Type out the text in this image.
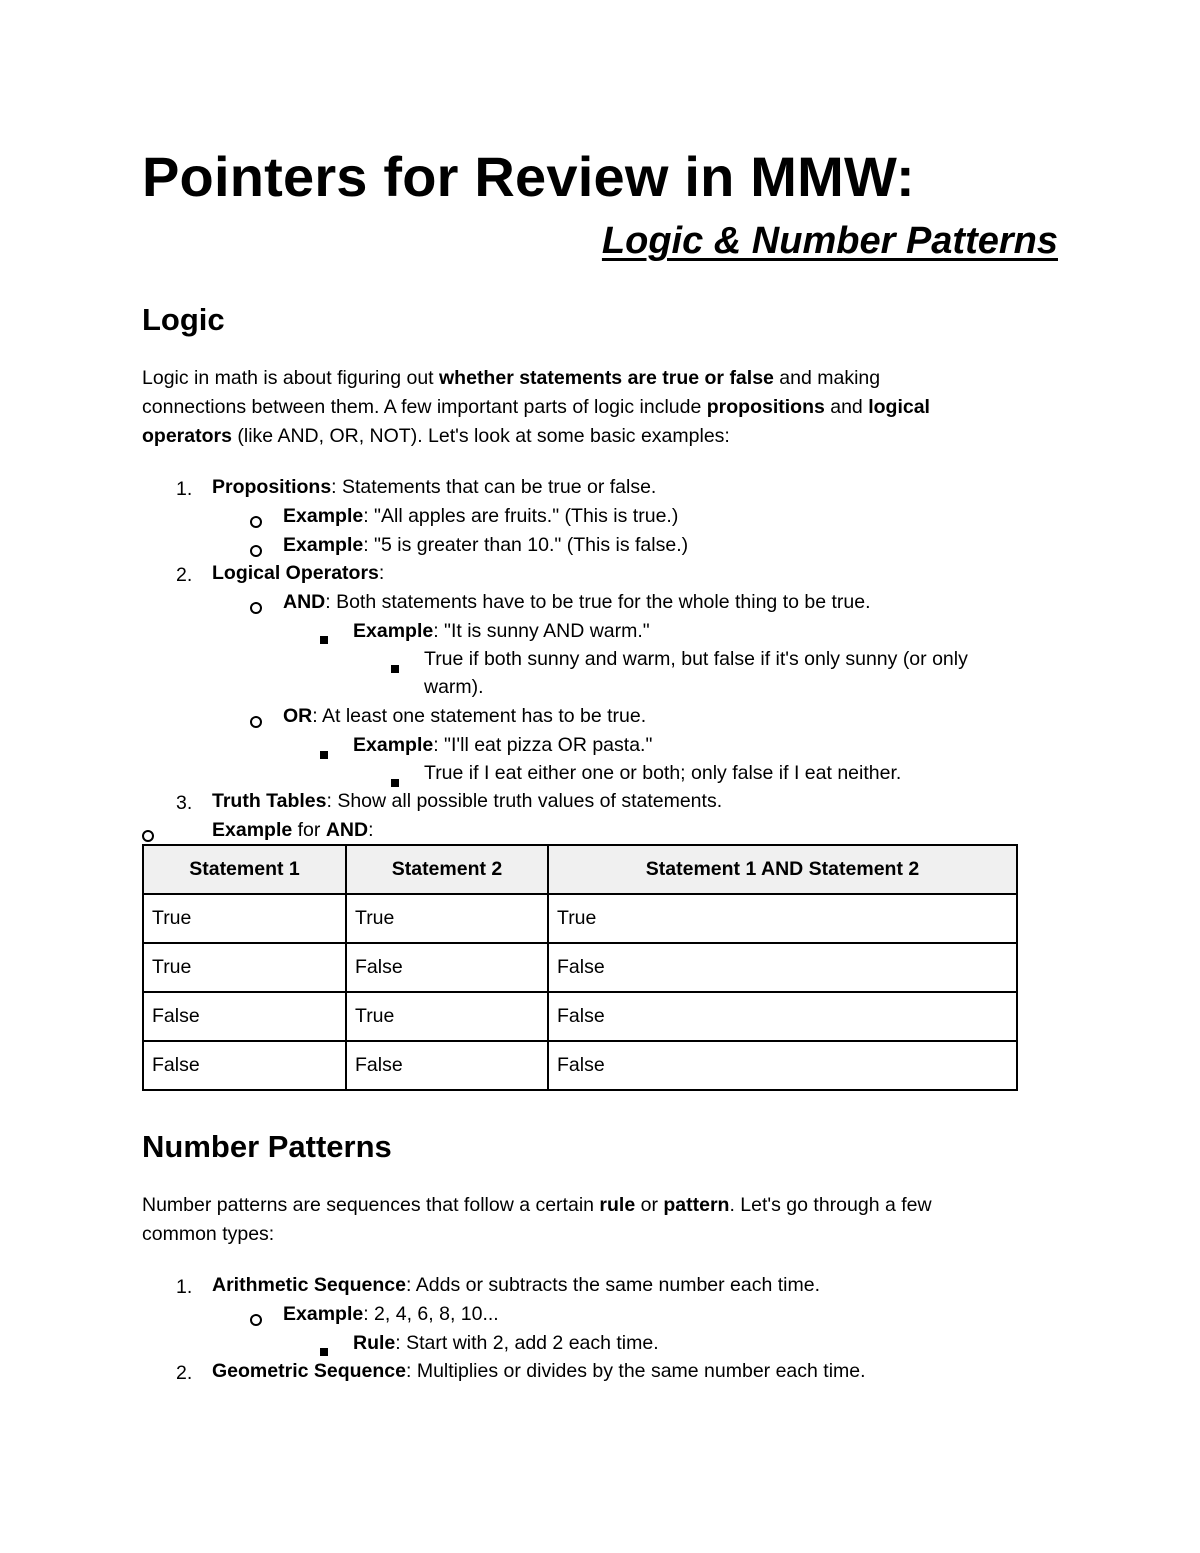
Pointers for Review in MMW:
Logic & Number Patterns
Logic
Logic in math is about figuring out whether statements are true or false and making
connections between them. A few important parts of logic include propositions and logical
operators (like AND, OR, NOT). Let's look at some basic examples:
1. Propositions: Statements that can be true or false.
Example: "All apples are fruits." (This is true.)
Example: "5 is greater than 10." (This is false.)
2. Logical Operators:
AND: Both statements have to be true for the whole thing to be true.
Example: "It is sunny AND warm."
True if both sunny and warm, but false if it's only sunny (or only
warm).
OR: At least one statement has to be true.
Example: "I'll eat pizza OR pasta."
True if I eat either one or both; only false if I eat neither.
3. Truth Tables: Show all possible truth values of statements.
Example for AND:
Statement 1	Statement 2	Statement 1 AND Statement 2
True	True	True
True	False	False
False	True	False
False	False	False
Number Patterns
Number patterns are sequences that follow a certain rule or pattern. Let's go through a few
common types:
1. Arithmetic Sequence: Adds or subtracts the same number each time.
Example: 2, 4, 6, 8, 10...
Rule: Start with 2, add 2 each time.
2. Geometric Sequence: Multiplies or divides by the same number each time.
